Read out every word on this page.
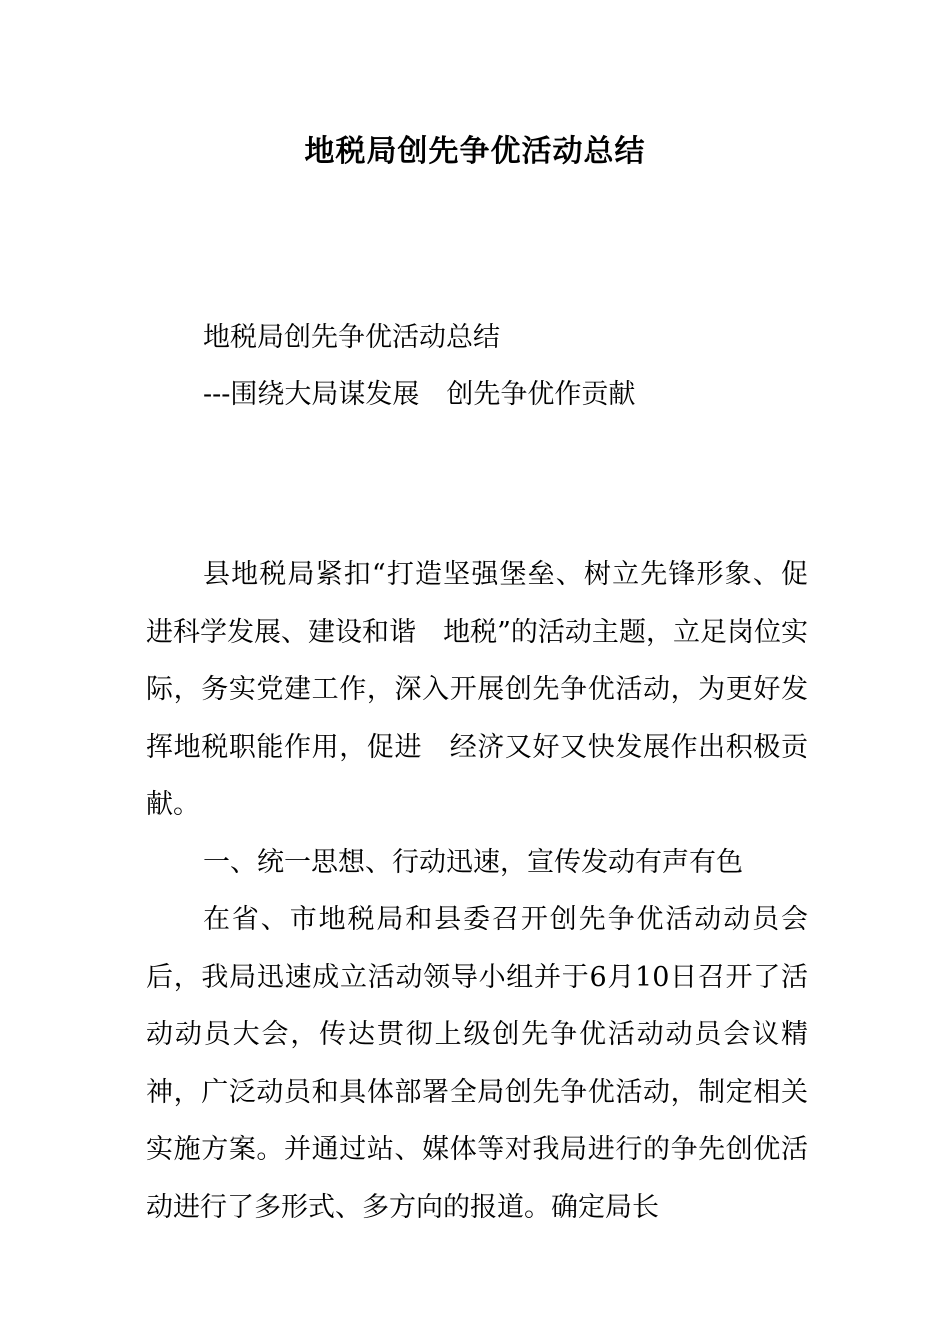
地税局创先争优活动总结

地税局创先争优活动总结

---围绕大局谋发展　创先争优作贡献

县地税局紧扣“打造坚强堡垒、树立先锋形象、促进科学发展、建设和谐　地税”的活动主题，立足岗位实际，务实党建工作，深入开展创先争优活动，为更好发挥地税职能作用，促进　经济又好又快发展作出积极贡献。

一、统一思想、行动迅速，宣传发动有声有色

在省、市地税局和县委召开创先争优活动动员会后，我局迅速成立活动领导小组并于6月10日召开了活动动员大会，传达贯彻上级创先争优活动动员会议精神，广泛动员和具体部署全局创先争优活动，制定相关实施方案。并通过站、媒体等对我局进行的争先创优活动进行了多形式、多方向的报道。确定局长
